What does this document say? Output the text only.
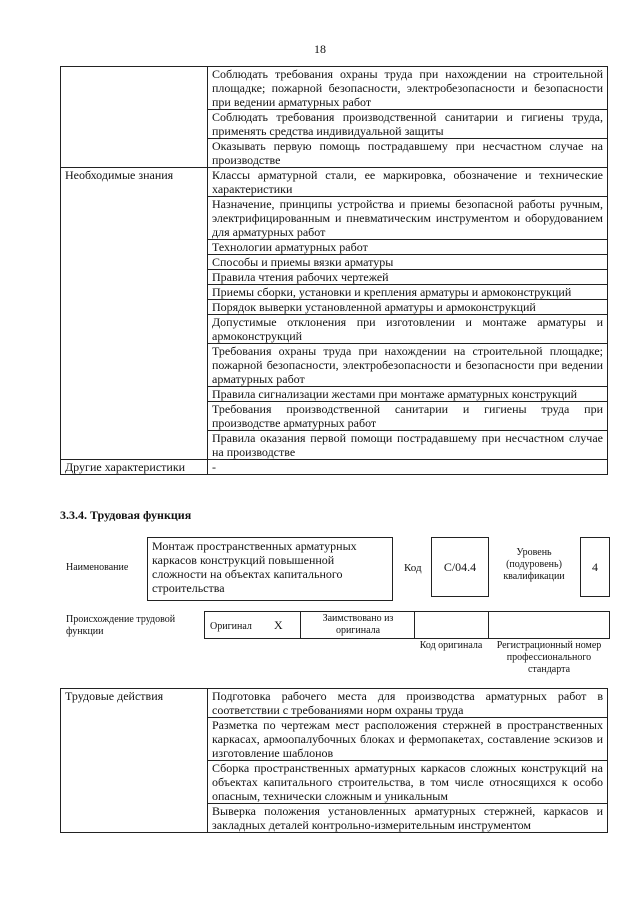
18
	Соблюдать требования охраны труда при нахождении на строительной площадке; пожарной безопасности, электробезопасности и безопасности при ведении арматурных работ
	Соблюдать требования производственной санитарии и гигиены труда, применять средства индивидуальной защиты
	Оказывать первую помощь пострадавшему при несчастном случае на производстве
Необходимые знания	Классы арматурной стали, ее маркировка, обозначение и технические характеристики
	Назначение, принципы устройства и приемы безопасной работы ручным, электрифицированным и пневматическим инструментом и оборудованием для арматурных работ
	Технологии арматурных работ
	Способы и приемы вязки арматуры
	Правила чтения рабочих чертежей
	Приемы сборки, установки и крепления арматуры и армоконструкций
	Порядок выверки установленной арматуры и армоконструкций
	Допустимые отклонения при изготовлении и монтаже арматуры и армоконструкций
	Требования охраны труда при нахождении на строительной площадке; пожарной безопасности, электробезопасности и безопасности при ведении арматурных работ
	Правила сигнализации жестами при монтаже арматурных конструкций
	Требования производственной санитарии и гигиены труда при производстве арматурных работ
	Правила оказания первой помощи пострадавшему при несчастном случае на производстве
Другие характеристики	-
3.3.4. Трудовая функция
Наименование
Монтаж пространственных арматурных каркасов конструкций повышенной сложности на объектах капитального строительства
Код	С/04.4
Уровень (подуровень) квалификации
4
Происхождение трудовой функции	Оригинал X	Заимствовано из оригинала
Код оригинала	Регистрационный номер профессионального стандарта
Трудовые действия	Подготовка рабочего места для производства арматурных работ в соответствии с требованиями норм охраны труда
	Разметка по чертежам мест расположения стержней в пространственных каркасах, армоопалубочных блоках и фермопакетах, составление эскизов и изготовление шаблонов
	Сборка пространственных арматурных каркасов сложных конструкций на объектах капитального строительства, в том числе относящихся к особо опасным, технически сложным и уникальным
	Выверка положения установленных арматурных стержней, каркасов и закладных деталей контрольно-измерительным инструментом
